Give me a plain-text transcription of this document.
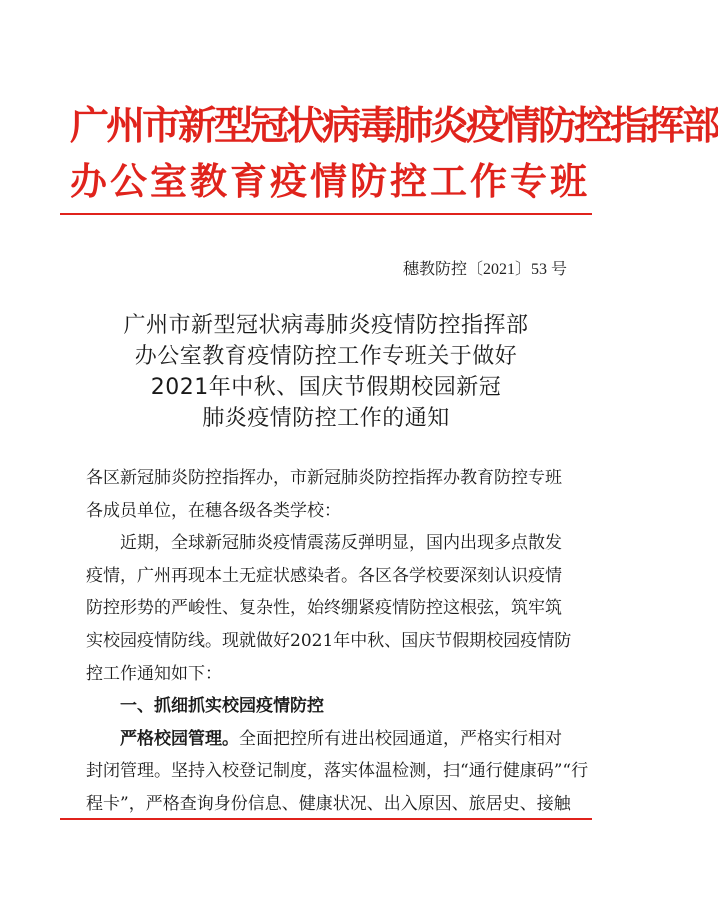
广州市新型冠状病毒肺炎疫情防控指挥部
办公室教育疫情防控工作专班
穗教防控〔2021〕53 号
广州市新型冠状病毒肺炎疫情防控指挥部
办公室教育疫情防控工作专班关于做好
2021年中秋、国庆节假期校园新冠
肺炎疫情防控工作的通知
各区新冠肺炎防控指挥办，市新冠肺炎防控指挥办教育防控专班
各成员单位，在穗各级各类学校：
近期，全球新冠肺炎疫情震荡反弹明显，国内出现多点散发
疫情，广州再现本土无症状感染者。各区各学校要深刻认识疫情
防控形势的严峻性、复杂性，始终绷紧疫情防控这根弦，筑牢筑
实校园疫情防线。现就做好2021年中秋、国庆节假期校园疫情防
控工作通知如下：
一、抓细抓实校园疫情防控
严格校园管理。全面把控所有进出校园通道，严格实行相对
封闭管理。坚持入校登记制度，落实体温检测，扫“通行健康码”“行
程卡”，严格查询身份信息、健康状况、出入原因、旅居史、接触
